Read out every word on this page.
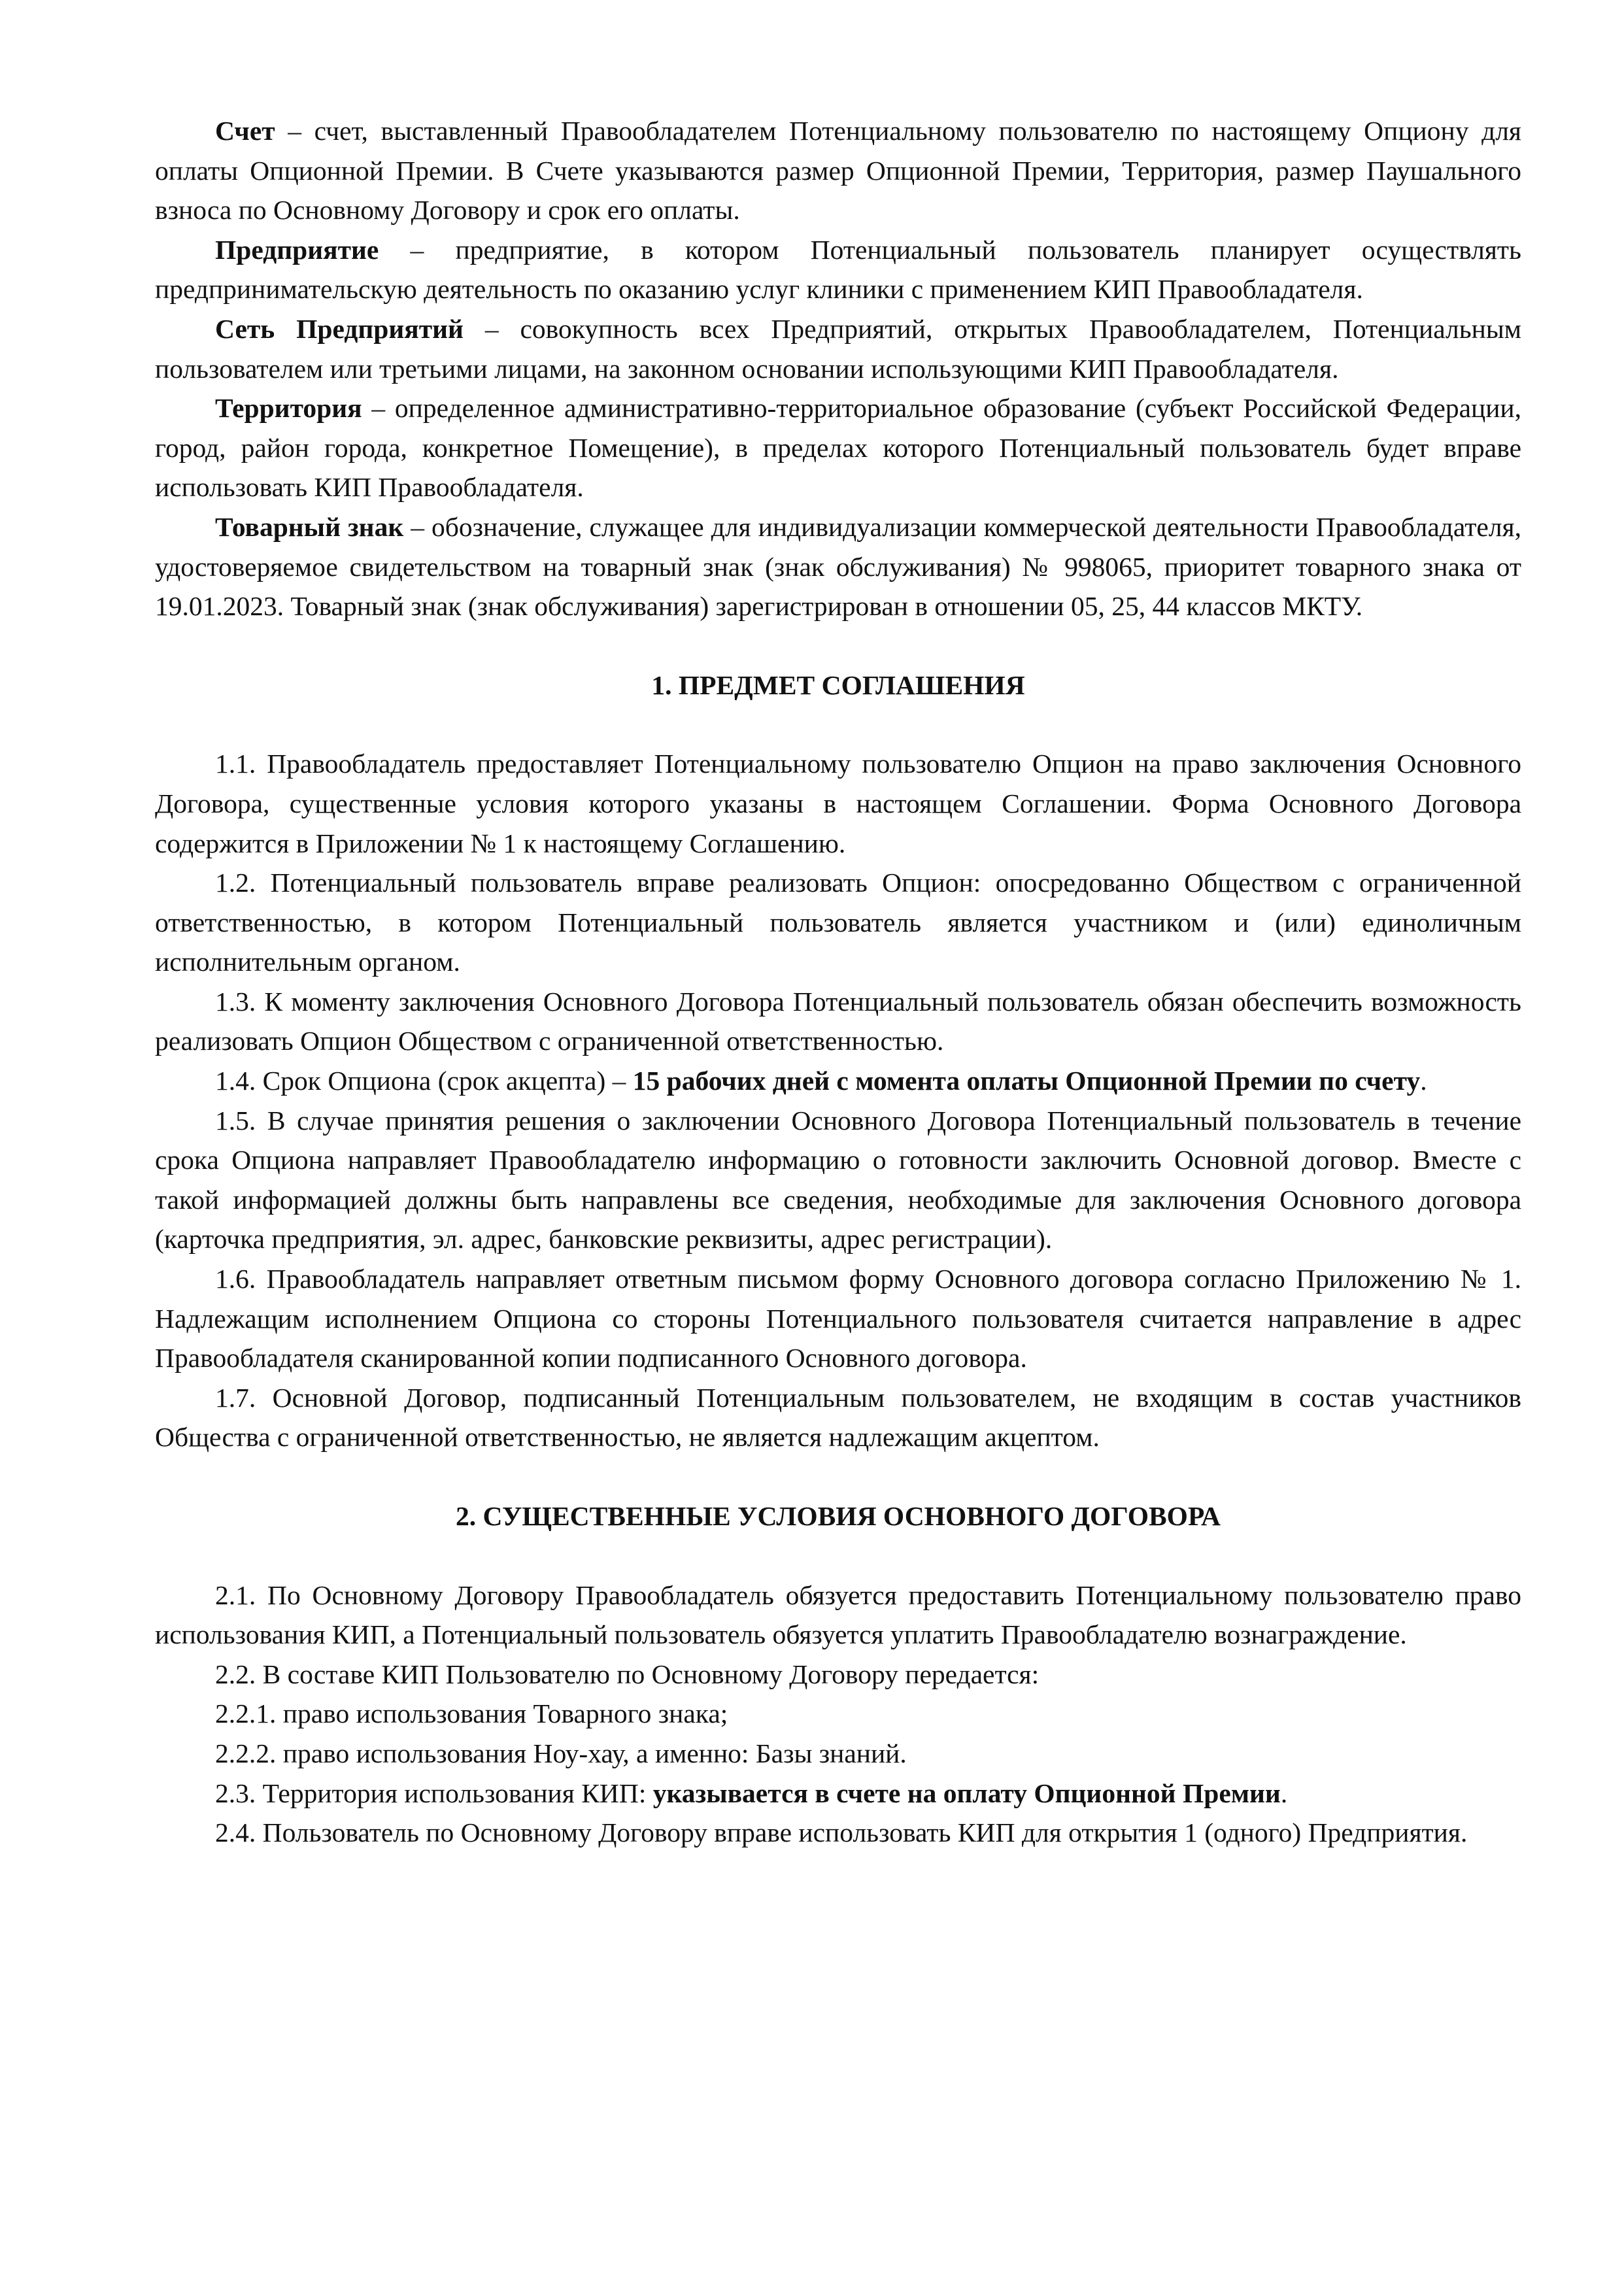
Счет – счет, выставленный Правообладателем Потенциальному пользователю по настоящему Опциону для оплаты Опционной Премии. В Счете указываются размер Опционной Премии, Территория, размер Паушального взноса по Основному Договору и срок его оплаты.

Предприятие – предприятие, в котором Потенциальный пользователь планирует осуществлять предпринимательскую деятельность по оказанию услуг клиники с применением КИП Правообладателя.

Сеть Предприятий – совокупность всех Предприятий, открытых Правообладателем, Потенциальным пользователем или третьими лицами, на законном основании использующими КИП Правообладателя.

Территория – определенное административно-территориальное образование (субъект Российской Федерации, город, район города, конкретное Помещение), в пределах которого Потенциальный пользователь будет вправе использовать КИП Правообладателя.

Товарный знак – обозначение, служащее для индивидуализации коммерческой деятельности Правообладателя, удостоверяемое свидетельством на товарный знак (знак обслуживания) № 998065, приоритет товарного знака от 19.01.2023. Товарный знак (знак обслуживания) зарегистрирован в отношении 05, 25, 44 классов МКТУ.

1. ПРЕДМЕТ СОГЛАШЕНИЯ

1.1. Правообладатель предоставляет Потенциальному пользователю Опцион на право заключения Основного Договора, существенные условия которого указаны в настоящем Соглашении. Форма Основного Договора содержится в Приложении № 1 к настоящему Соглашению.

1.2. Потенциальный пользователь вправе реализовать Опцион: опосредованно Обществом с ограниченной ответственностью, в котором Потенциальный пользователь является участником и (или) единоличным исполнительным органом.

1.3. К моменту заключения Основного Договора Потенциальный пользователь обязан обеспечить возможность реализовать Опцион Обществом с ограниченной ответственностью.

1.4. Срок Опциона (срок акцепта) – 15 рабочих дней с момента оплаты Опционной Премии по счету.

1.5. В случае принятия решения о заключении Основного Договора Потенциальный пользователь в течение срока Опциона направляет Правообладателю информацию о готовности заключить Основной договор. Вместе с такой информацией должны быть направлены все сведения, необходимые для заключения Основного договора (карточка предприятия, эл. адрес, банковские реквизиты, адрес регистрации).

1.6. Правообладатель направляет ответным письмом форму Основного договора согласно Приложению № 1. Надлежащим исполнением Опциона со стороны Потенциального пользователя считается направление в адрес Правообладателя сканированной копии подписанного Основного договора.

1.7. Основной Договор, подписанный Потенциальным пользователем, не входящим в состав участников Общества с ограниченной ответственностью, не является надлежащим акцептом.

2. СУЩЕСТВЕННЫЕ УСЛОВИЯ ОСНОВНОГО ДОГОВОРА

2.1. По Основному Договору Правообладатель обязуется предоставить Потенциальному пользователю право использования КИП, а Потенциальный пользователь обязуется уплатить Правообладателю вознаграждение.

2.2. В составе КИП Пользователю по Основному Договору передается:

2.2.1. право использования Товарного знака;

2.2.2. право использования Ноу-хау, а именно: Базы знаний.

2.3. Территория использования КИП: указывается в счете на оплату Опционной Премии.

2.4. Пользователь по Основному Договору вправе использовать КИП для открытия 1 (одного) Предприятия.
